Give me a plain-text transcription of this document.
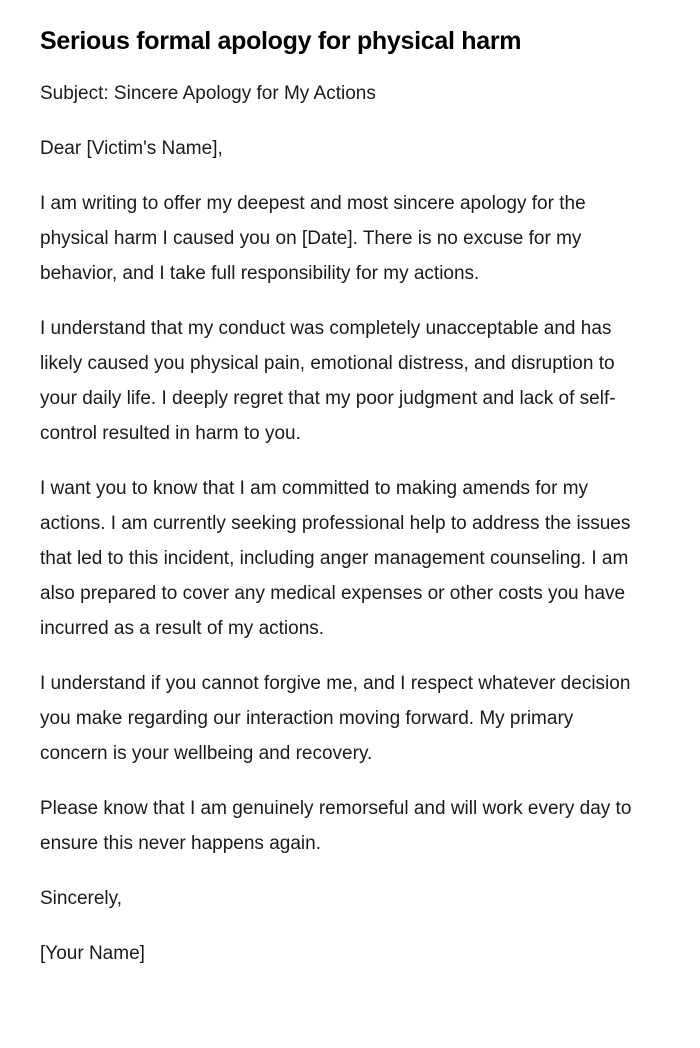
Serious formal apology for physical harm

Subject: Sincere Apology for My Actions

Dear [Victim's Name],

I am writing to offer my deepest and most sincere apology for the physical harm I caused you on [Date]. There is no excuse for my behavior, and I take full responsibility for my actions.

I understand that my conduct was completely unacceptable and has likely caused you physical pain, emotional distress, and disruption to your daily life. I deeply regret that my poor judgment and lack of self-control resulted in harm to you.

I want you to know that I am committed to making amends for my actions. I am currently seeking professional help to address the issues that led to this incident, including anger management counseling. I am also prepared to cover any medical expenses or other costs you have incurred as a result of my actions.

I understand if you cannot forgive me, and I respect whatever decision you make regarding our interaction moving forward. My primary concern is your wellbeing and recovery.

Please know that I am genuinely remorseful and will work every day to ensure this never happens again.

Sincerely,

[Your Name]
